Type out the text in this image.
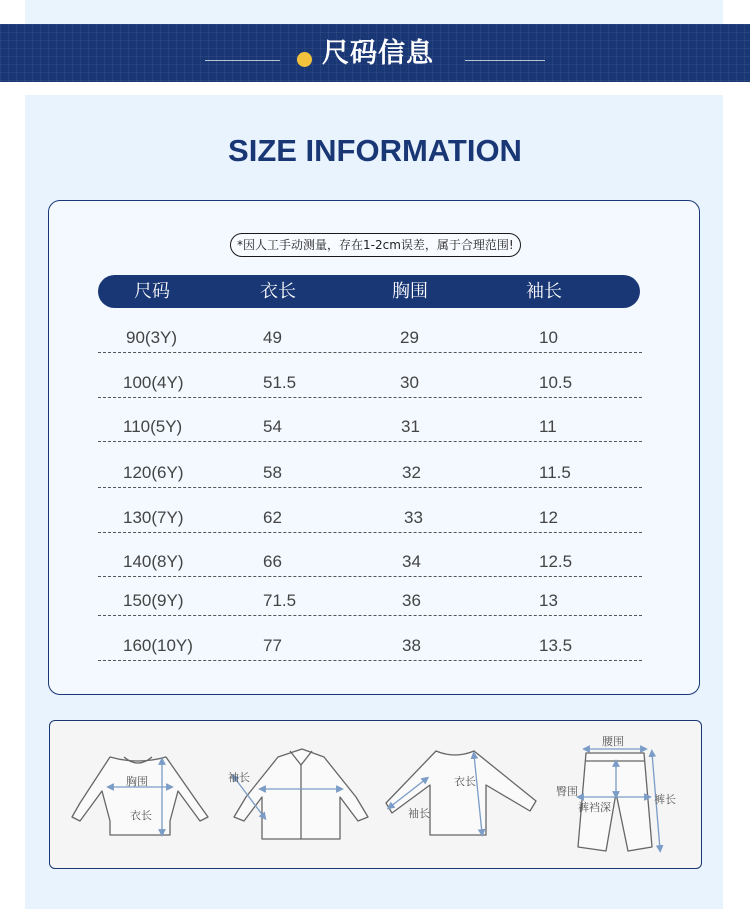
尺码信息
SIZE INFORMATION
*因人工手动测量，存在1-2cm误差，属于合理范围!
尺码	衣长	胸围	袖长
90(3Y)	49	29	10
100(4Y)	51.5	30	10.5
110(5Y)	54	31	11
120(6Y)	58	32	11.5
130(7Y)	62	33	12
140(8Y)	66	34	12.5
150(9Y)	71.5	36	13
160(10Y)	77	38	13.5
胸围
衣长
袖长	衣长
袖长
腰围
臀围
裤裆深
裤长
